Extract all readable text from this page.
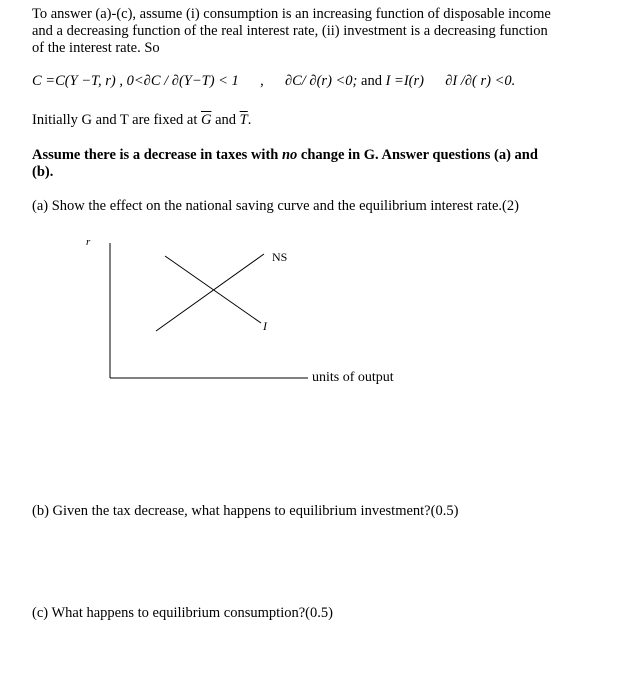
To answer (a)-(c), assume (i) consumption is an increasing function of disposable income
and a decreasing function of the real interest rate, (ii) investment is a decreasing function
of the interest rate. So
C =C(Y −T, r) , 0<∂C / ∂(Y−T) < 1 , ∂C/ ∂(r) <0; and I =I(r) ∂I /∂( r) <0.
Initially G and T are fixed at $\overline{G}$ and $\overline{T}$.
Assume there is a decrease in taxes with no change in G. Answer questions (a) and
(b).
(a) Show the effect on the national saving curve and the equilibrium interest rate.(2)
r
NS
I
units of output
(b) Given the tax decrease, what happens to equilibrium investment?(0.5)
(c) What happens to equilibrium consumption?(0.5)
